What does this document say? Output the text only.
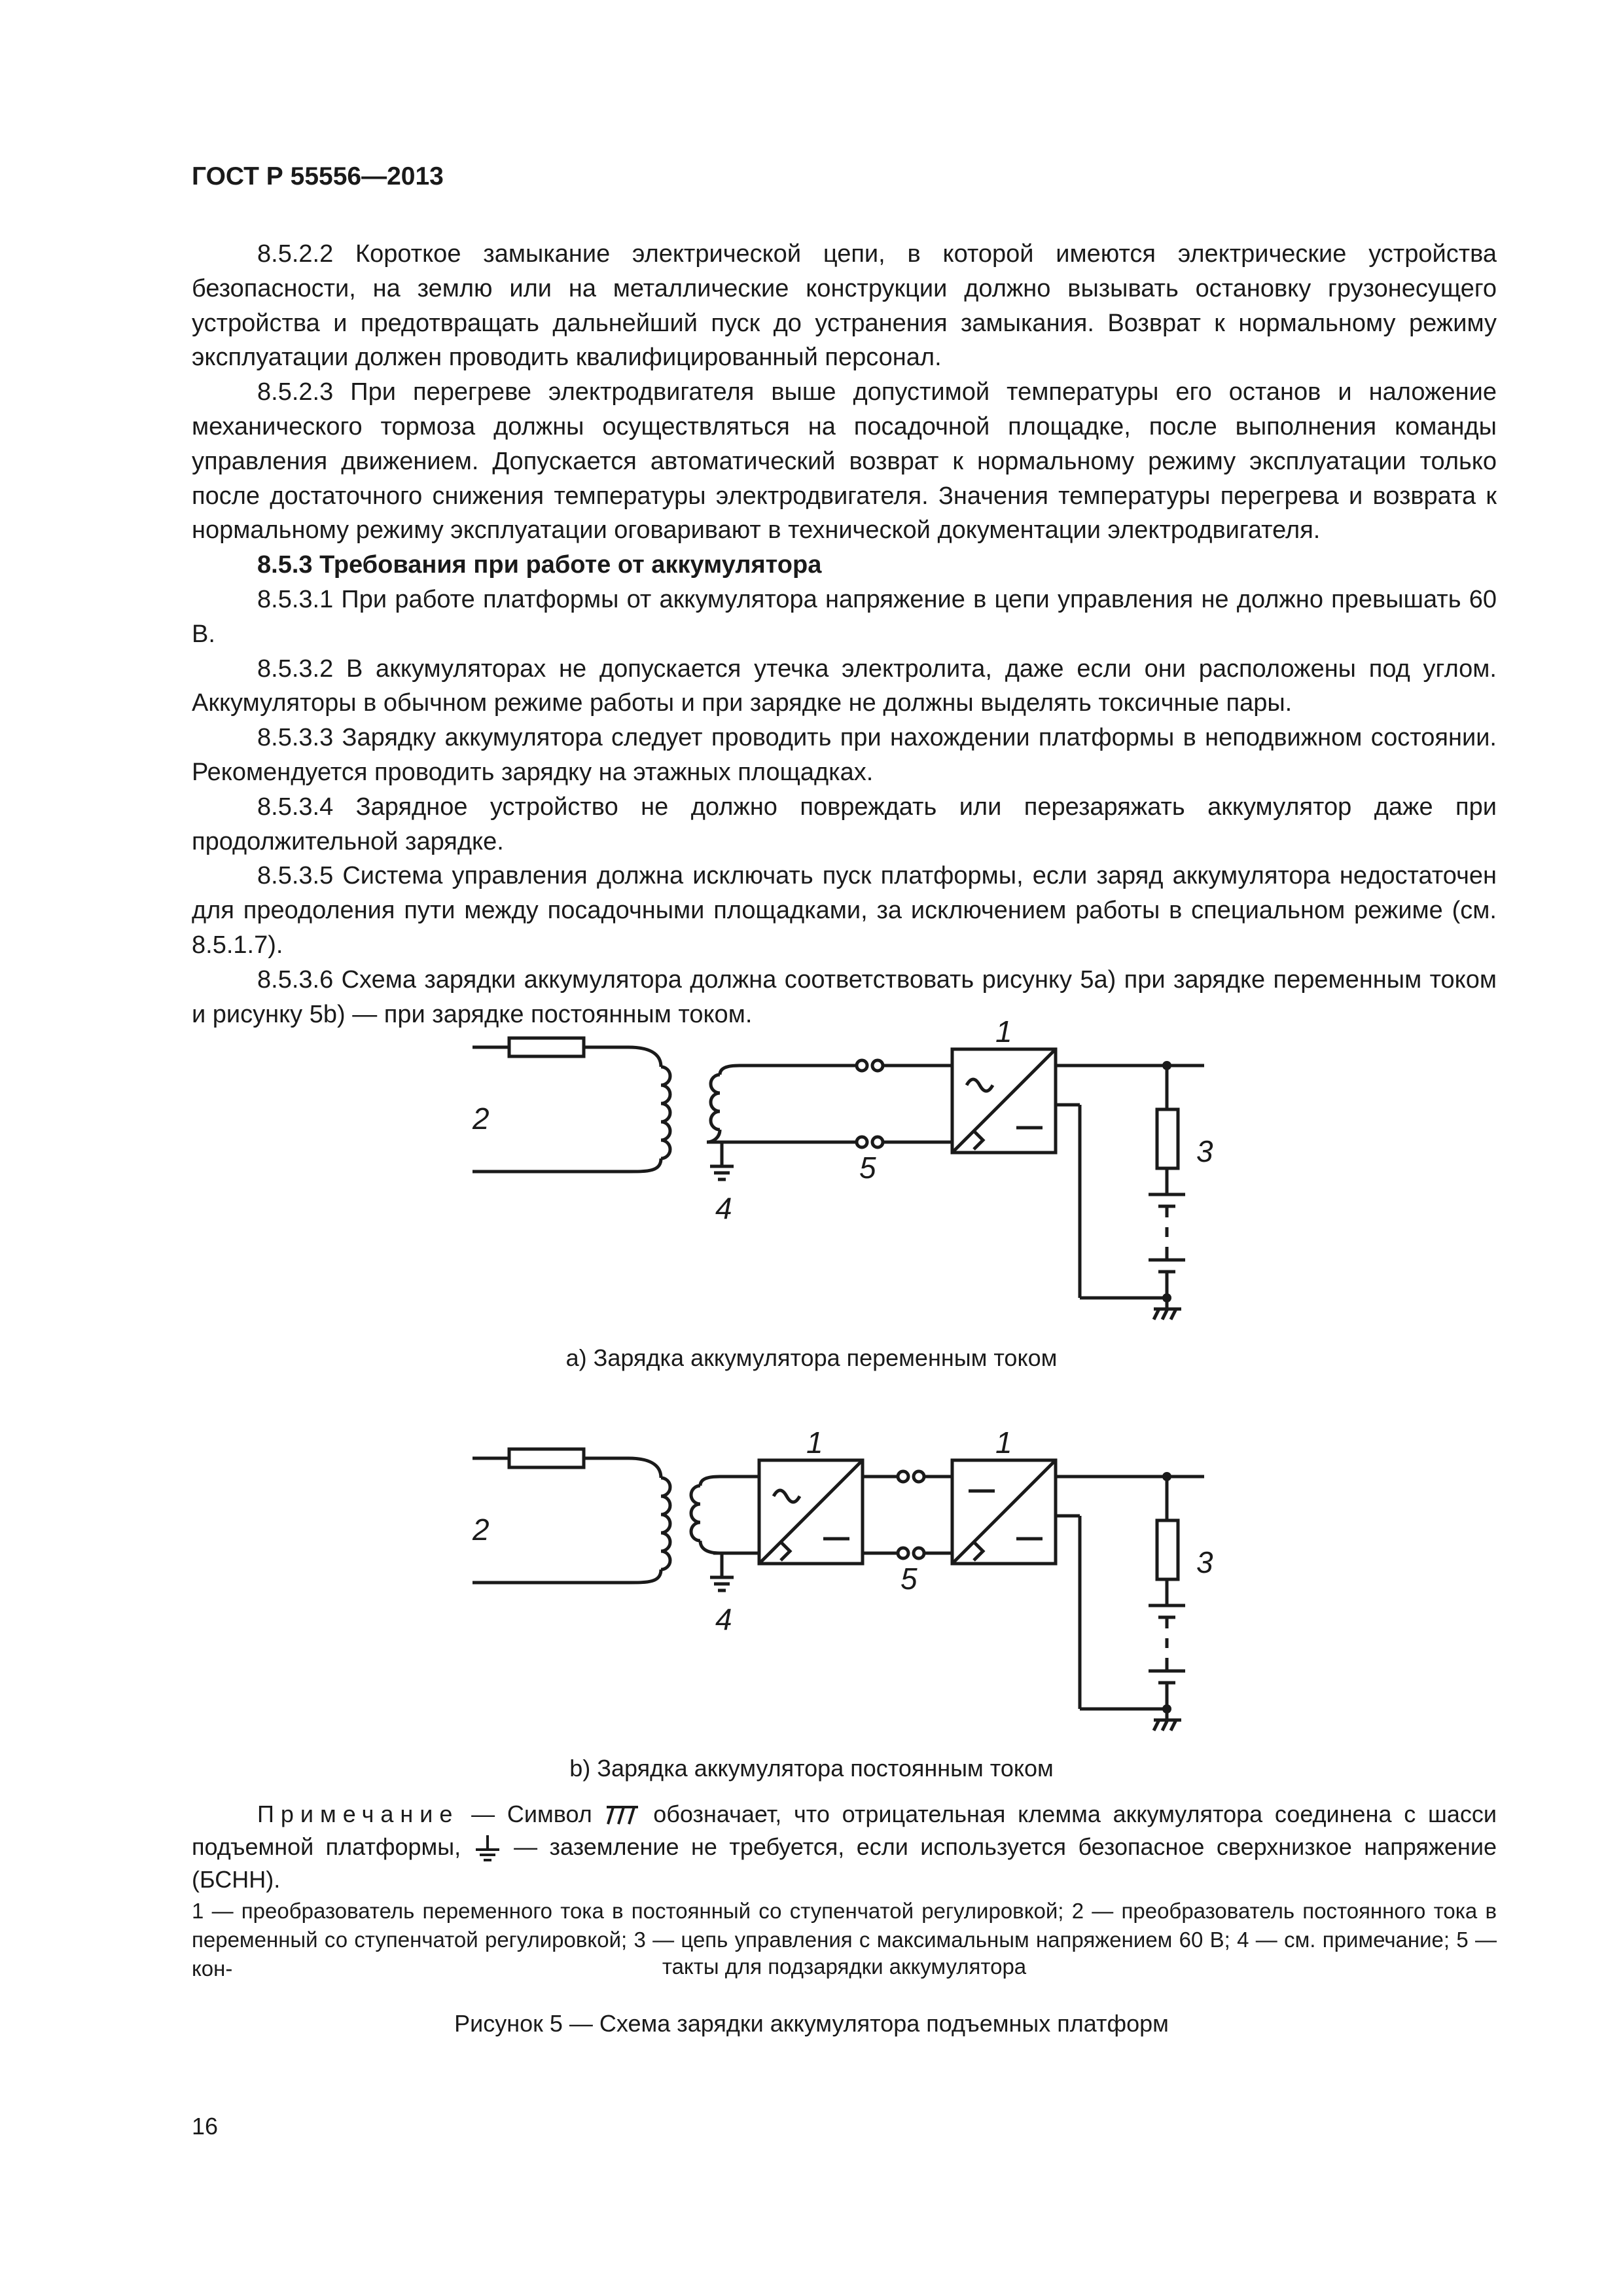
ГОСТ Р 55556—2013

8.5.2.2 Короткое замыкание электрической цепи, в которой имеются электрические устройства безопасности, на землю или на металлические конструкции должно вызывать остановку грузонесущего устройства и предотвращать дальнейший пуск до устранения замыкания. Возврат к нормальному режиму эксплуатации должен проводить квалифицированный персонал.

8.5.2.3 При перегреве электродвигателя выше допустимой температуры его останов и наложение механического тормоза должны осуществляться на посадочной площадке, после выполнения команды управления движением. Допускается автоматический возврат к нормальному режиму эксплуатации только после достаточного снижения температуры электродвигателя. Значения температуры перегрева и возврата к нормальному режиму эксплуатации оговаривают в технической документации электродвигателя.

8.5.3 Требования при работе от аккумулятора

8.5.3.1 При работе платформы от аккумулятора напряжение в цепи управления не должно превышать 60 В.

8.5.3.2 В аккумуляторах не допускается утечка электролита, даже если они расположены под углом. Аккумуляторы в обычном режиме работы и при зарядке не должны выделять токсичные пары.

8.5.3.3 Зарядку аккумулятора следует проводить при нахождении платформы в неподвижном состоянии. Рекомендуется проводить зарядку на этажных площадках.

8.5.3.4 Зарядное устройство не должно повреждать или перезаряжать аккумулятор даже при продолжительной зарядке.

8.5.3.5 Система управления должна исключать пуск платформы, если заряд аккумулятора недостаточен для преодоления пути между посадочными площадками, за исключением работы в специальном режиме (см. 8.5.1.7).

8.5.3.6 Схема зарядки аккумулятора должна соответствовать рисунку 5а) при зарядке переменным током и рисунку 5b) — при зарядке постоянным током.

2
1
3
4
5
а) Зарядка аккумулятора переменным током
2
1	1
3
4
5
b) Зарядка аккумулятора постоянным током
Примечание — Символ  обозначает, что отрицательная клемма аккумулятора соединена с шасси подъемной платформы,  — заземление не требуется, если используется безопасное сверхнизкое напряжение (БСНН).
1 — преобразователь переменного тока в постоянный со ступенчатой регулировкой; 2 — преобразователь постоянного тока в переменный со ступенчатой регулировкой; 3 — цепь управления с максимальным напряжением 60 В; 4 — см. примечание; 5 — кон-	такты для подзарядки аккумулятора
Рисунок 5 — Схема зарядки аккумулятора подъемных платформ
16
